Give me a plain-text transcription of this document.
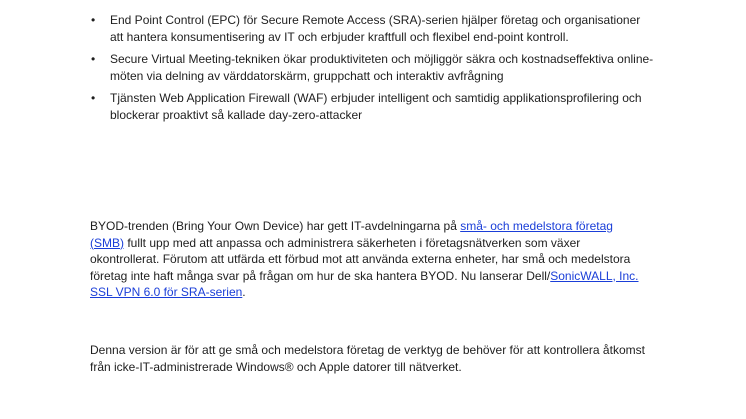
• End Point Control (EPC) för Secure Remote Access (SRA)-serien hjälper företag och organisationer att hantera konsumentisering av IT och erbjuder kraftfull och flexibel end-point kontroll.
• Secure Virtual Meeting-tekniken ökar produktiviteten och möjliggör säkra och kostnadseffektiva online-möten via delning av värddatorskärm, gruppchatt och interaktiv avfrågning
• Tjänsten Web Application Firewall (WAF) erbjuder intelligent och samtidig applikationsprofilering och blockerar proaktivt så kallade day-zero-attacker

BYOD-trenden (Bring Your Own Device) har gett IT-avdelningarna på små- och medelstora företag (SMB) fullt upp med att anpassa och administrera säkerheten i företagsnätverken som växer okontrollerat. Förutom att utfärda ett förbud mot att använda externa enheter, har små och medelstora företag inte haft många svar på frågan om hur de ska hantera BYOD. Nu lanserar Dell/SonicWALL, Inc. SSL VPN 6.0 för SRA-serien.

Denna version är för att ge små och medelstora företag de verktyg de behöver för att kontrollera åtkomst från icke-IT-administrerade Windows® och Apple datorer till nätverket.
